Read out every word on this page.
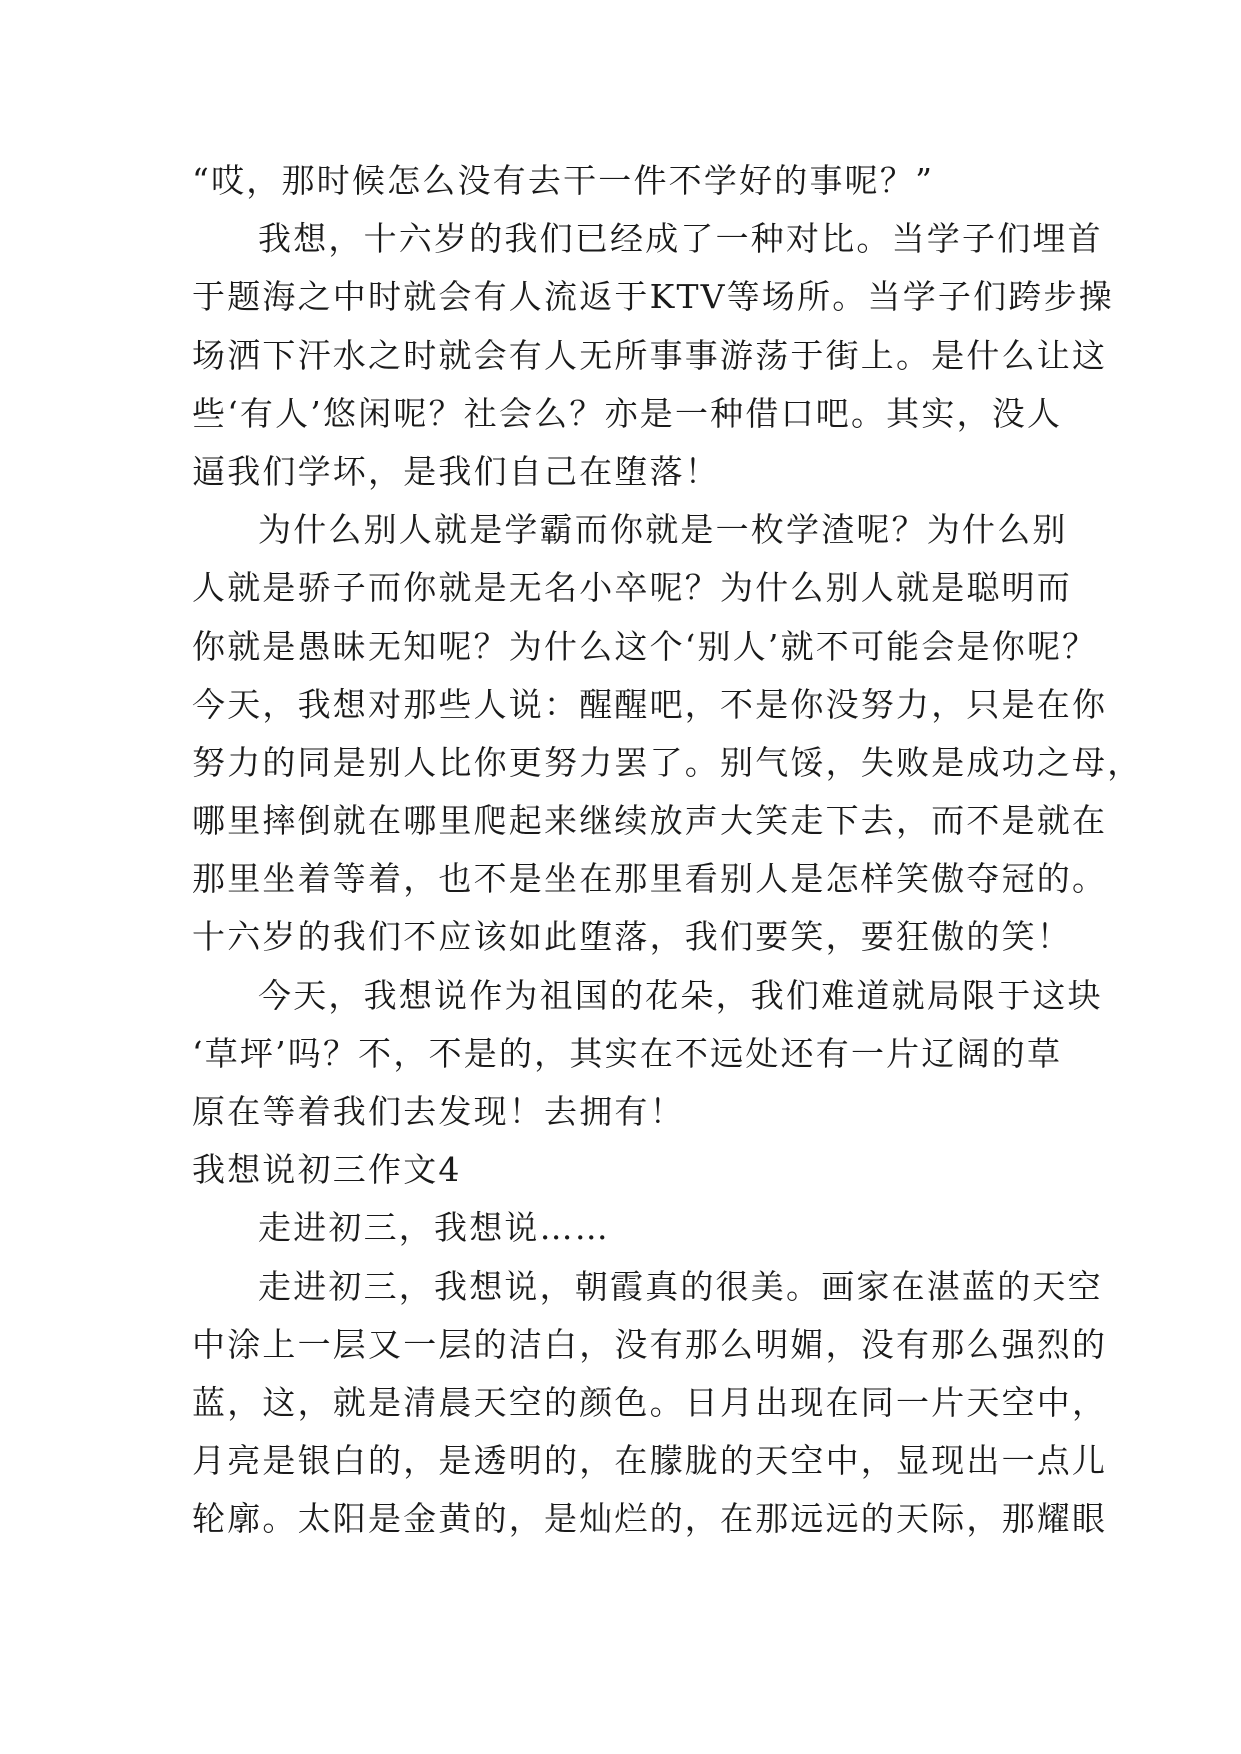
“哎，那时候怎么没有去干一件不学好的事呢？”
我想，十六岁的我们已经成了一种对比。当学子们埋首
于题海之中时就会有人流返于KTV等场所。当学子们跨步操
场洒下汗水之时就会有人无所事事游荡于街上。是什么让这
些‘有人’悠闲呢？社会么？亦是一种借口吧。其实，没人
逼我们学坏，是我们自己在堕落！
为什么别人就是学霸而你就是一枚学渣呢？为什么别
人就是骄子而你就是无名小卒呢？为什么别人就是聪明而
你就是愚昧无知呢？为什么这个‘别人’就不可能会是你呢？
今天，我想对那些人说：醒醒吧，不是你没努力，只是在你
努力的同是别人比你更努力罢了。别气馁，失败是成功之母，
哪里摔倒就在哪里爬起来继续放声大笑走下去，而不是就在
那里坐着等着，也不是坐在那里看别人是怎样笑傲夺冠的。
十六岁的我们不应该如此堕落，我们要笑，要狂傲的笑！
今天，我想说作为祖国的花朵，我们难道就局限于这块
‘草坪’吗？不，不是的，其实在不远处还有一片辽阔的草
原在等着我们去发现！去拥有！
我想说初三作文4
走进初三，我想说……
走进初三，我想说，朝霞真的很美。画家在湛蓝的天空
中涂上一层又一层的洁白，没有那么明媚，没有那么强烈的
蓝，这，就是清晨天空的颜色。日月出现在同一片天空中，
月亮是银白的，是透明的，在朦胧的天空中，显现出一点儿
轮廓。太阳是金黄的，是灿烂的，在那远远的天际，那耀眼
